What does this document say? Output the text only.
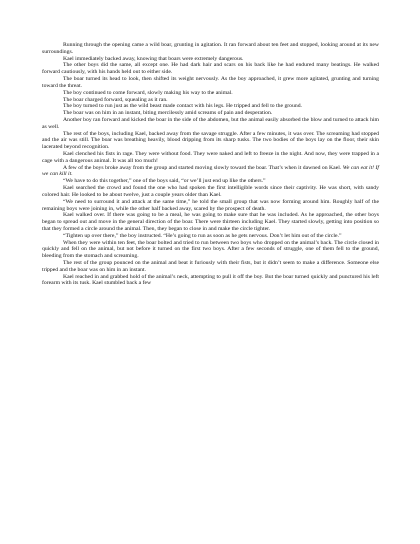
Running through the opening came a wild boar, grunting in agitation. It ran forward about ten feet and stopped, looking around at its new surroundings.

Kael immediately backed away, knowing that boars were extremely dangerous.

The other boys did the same, all except one. He had dark hair and scars on his back like he had endured many beatings. He walked forward cautiously, with his hands held out to either side.

The boar turned its head to look, then shifted its weight nervously. As the boy approached, it grew more agitated, grunting and turning toward the threat.

The boy continued to come forward, slowly making his way to the animal.

The boar charged forward, squealing as it ran.

The boy turned to run just as the wild beast made contact with his legs. He tripped and fell to the ground.

The boar was on him in an instant, biting mercilessly amid screams of pain and desperation.

Another boy ran forward and kicked the boar in the side of the abdomen, but the animal easily absorbed the blow and turned to attack him as well.

The rest of the boys, including Kael, backed away from the savage struggle. After a few minutes, it was over. The screaming had stopped and the air was still. The boar was breathing heavily, blood dripping from its sharp tusks. The two bodies of the boys lay on the floor, their skin lacerated beyond recognition.

Kael clenched his fists in rage. They were without food. They were naked and left to freeze in the night. And now, they were trapped in a cage with a dangerous animal. It was all too much!

A few of the boys broke away from the group and started moving slowly toward the boar. That’s when it dawned on Kael. We can eat it! If we can kill it.

“We have to do this together,” one of the boys said, “or we’ll just end up like the others.”

Kael searched the crowd and found the one who had spoken the first intelligible words since their captivity. He was short, with sandy colored hair. He looked to be about twelve, just a couple years older than Kael.

“We need to surround it and attack at the same time,” he told the small group that was now forming around him. Roughly half of the remaining boys were joining in, while the other half backed away, scared by the prospect of death.

Kael walked over. If there was going to be a meal, he was going to make sure that he was included. As he approached, the other boys began to spread out and move in the general direction of the boar. There were thirteen including Kael. They started slowly, getting into position so that they formed a circle around the animal. Then, they began to close in and make the circle tighter.

“Tighten up over there,” the boy instructed. “He’s going to run as soon as he gets nervous. Don’t let him out of the circle.”

When they were within ten feet, the boar bolted and tried to run between two boys who dropped on the animal’s back. The circle closed in quickly and fell on the animal, but not before it turned on the first two boys. After a few seconds of struggle, one of them fell to the ground, bleeding from the stomach and screaming.

The rest of the group pounced on the animal and beat it furiously with their fists, but it didn’t seem to make a difference. Someone else tripped and the boar was on him in an instant.

Kael reached in and grabbed hold of the animal’s neck, attempting to pull it off the boy. But the boar turned quickly and punctured his left forearm with its tusk. Kael stumbled back a few
